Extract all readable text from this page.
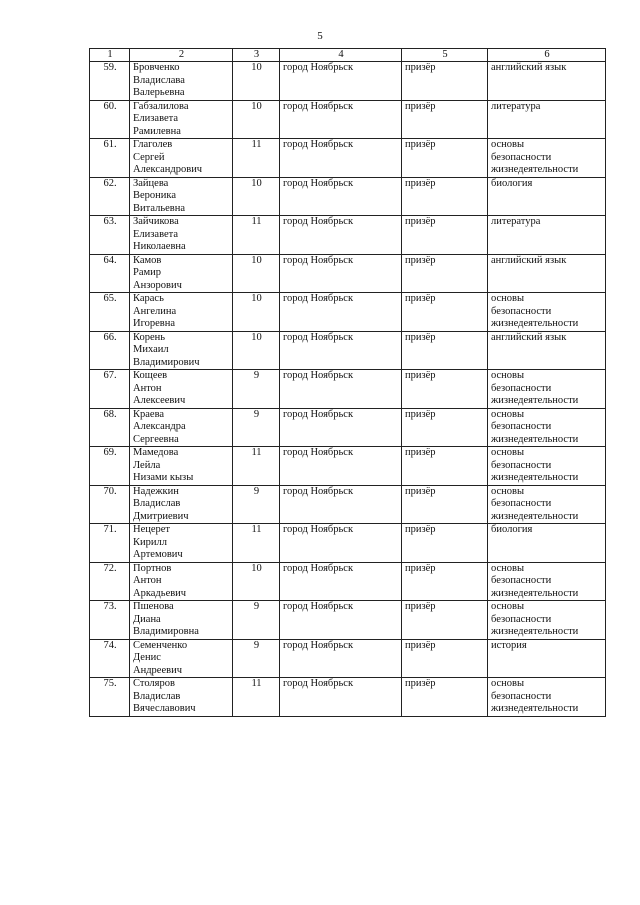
5
1	2	3	4	5	6
59.	Бровченко
Владислава
Валерьевна	10	город Ноябрьск	призёр	английский язык
60.	Габзалилова
Елизавета
Рамилевна	10	город Ноябрьск	призёр	литература
61.	Глаголев
Сергей
Александрович	11	город Ноябрьск	призёр	основы
безопасности
жизнедеятельности
62.	Зайцева
Вероника
Витальевна	10	город Ноябрьск	призёр	биология
63.	Зайчикова
Елизавета
Николаевна	11	город Ноябрьск	призёр	литература
64.	Камов
Рамир
Анзорович	10	город Ноябрьск	призёр	английский язык
65.	Карась
Ангелина
Игоревна	10	город Ноябрьск	призёр	основы
безопасности
жизнедеятельности
66.	Корень
Михаил
Владимирович	10	город Ноябрьск	призёр	английский язык
67.	Кощеев
Антон
Алексеевич	9	город Ноябрьск	призёр	основы
безопасности
жизнедеятельности
68.	Краева
Александра
Сергеевна	9	город Ноябрьск	призёр	основы
безопасности
жизнедеятельности
69.	Мамедова
Лейла
Низами кызы	11	город Ноябрьск	призёр	основы
безопасности
жизнедеятельности
70.	Надежкин
Владислав
Дмитриевич	9	город Ноябрьск	призёр	основы
безопасности
жизнедеятельности
71.	Нецерет
Кирилл
Артемович	11	город Ноябрьск	призёр	биология
72.	Портнов
Антон
Аркадьевич	10	город Ноябрьск	призёр	основы
безопасности
жизнедеятельности
73.	Пшенова
Диана
Владимировна	9	город Ноябрьск	призёр	основы
безопасности
жизнедеятельности
74.	Семенченко
Денис
Андреевич	9	город Ноябрьск	призёр	история
75.	Столяров
Владислав
Вячеславович	11	город Ноябрьск	призёр	основы
безопасности
жизнедеятельности
